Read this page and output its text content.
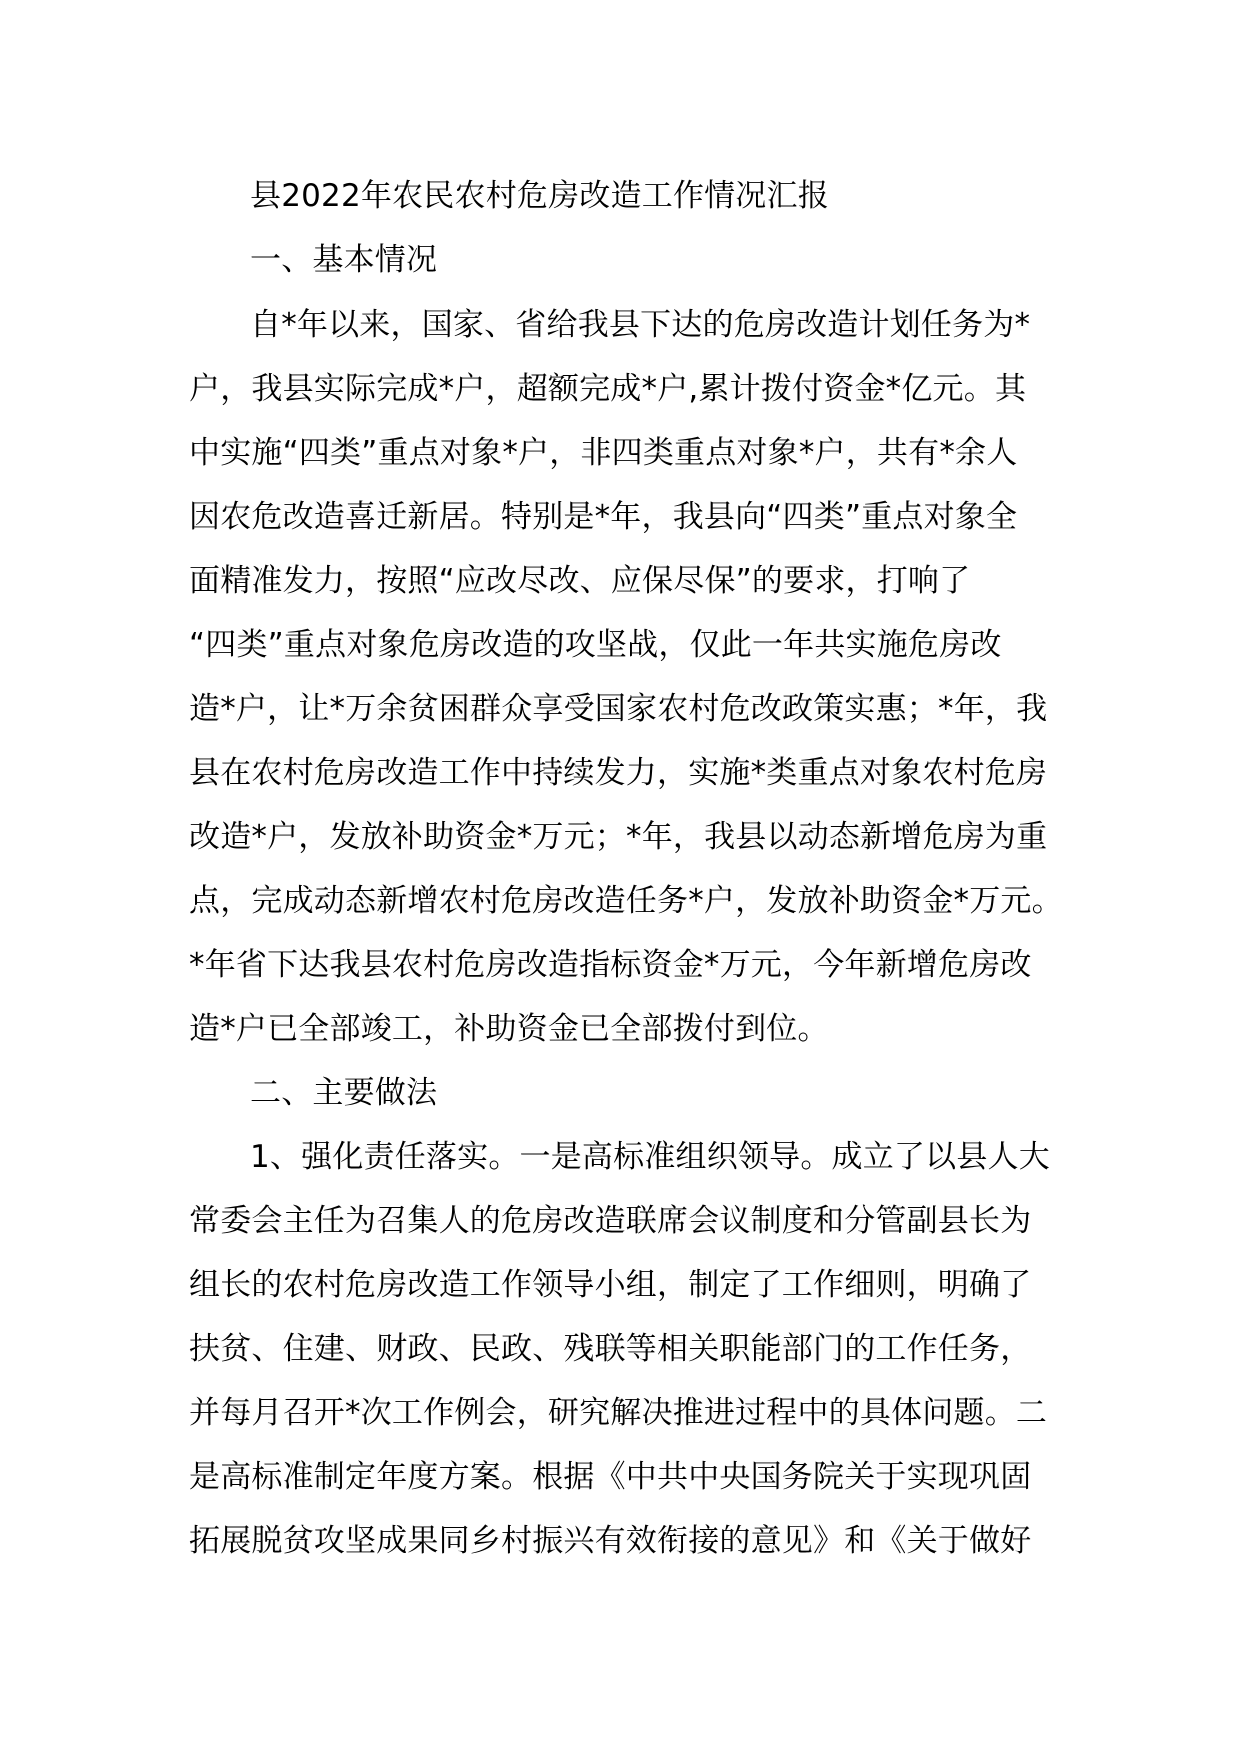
县2022年农民农村危房改造工作情况汇报
一、基本情况
自*年以来，国家、省给我县下达的危房改造计划任务为*
户，我县实际完成*户，超额完成*户,累计拨付资金*亿元。其
中实施“四类”重点对象*户，非四类重点对象*户，共有*余人
因农危改造喜迁新居。特别是*年，我县向“四类”重点对象全
面精准发力，按照“应改尽改、应保尽保”的要求，打响了
“四类”重点对象危房改造的攻坚战，仅此一年共实施危房改
造*户，让*万余贫困群众享受国家农村危改政策实惠；*年，我
县在农村危房改造工作中持续发力，实施*类重点对象农村危房
改造*户，发放补助资金*万元；*年，我县以动态新增危房为重
点，完成动态新增农村危房改造任务*户，发放补助资金*万元。
*年省下达我县农村危房改造指标资金*万元，今年新增危房改
造*户已全部竣工，补助资金已全部拨付到位。
二、主要做法
1、强化责任落实。一是高标准组织领导。成立了以县人大
常委会主任为召集人的危房改造联席会议制度和分管副县长为
组长的农村危房改造工作领导小组，制定了工作细则，明确了
扶贫、住建、财政、民政、残联等相关职能部门的工作任务，
并每月召开*次工作例会，研究解决推进过程中的具体问题。二
是高标准制定年度方案。根据《中共中央国务院关于实现巩固
拓展脱贫攻坚成果同乡村振兴有效衔接的意见》和《关于做好
